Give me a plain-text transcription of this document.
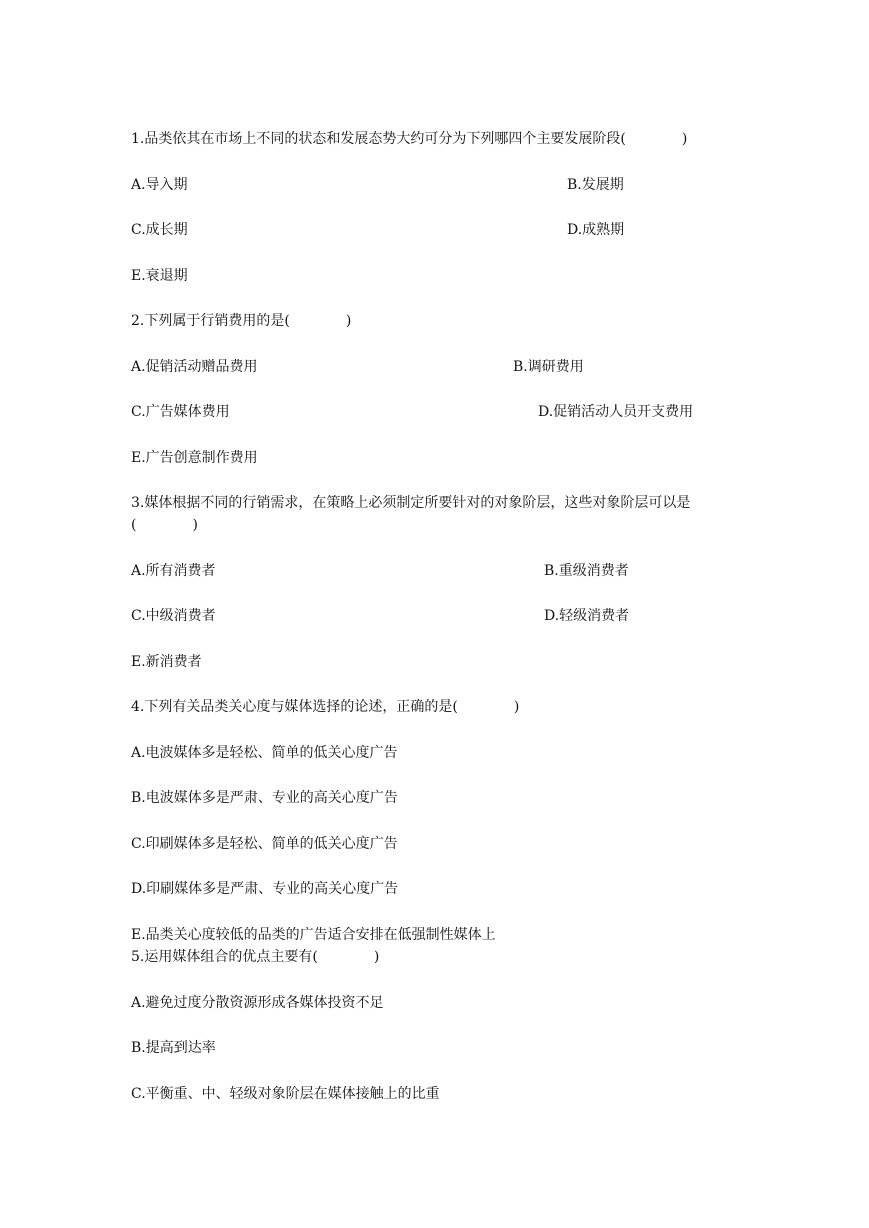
1.品类依其在市场上不同的状态和发展态势大约可分为下列哪四个主要发展阶段(　　　　)
A.导入期	B.发展期
C.成长期	D.成熟期
E.衰退期
2.下列属于行销费用的是(　　　　)
A.促销活动赠品费用	B.调研费用
C.广告媒体费用	D.促销活动人员开支费用
E.广告创意制作费用
3.媒体根据不同的行销需求，在策略上必须制定所要针对的对象阶层，这些对象阶层可以是
(　　　　)
A.所有消费者	B.重级消费者
C.中级消费者	D.轻级消费者
E.新消费者
4.下列有关品类关心度与媒体选择的论述，正确的是(　　　　)
A.电波媒体多是轻松、简单的低关心度广告
B.电波媒体多是严肃、专业的高关心度广告
C.印刷媒体多是轻松、简单的低关心度广告
D.印刷媒体多是严肃、专业的高关心度广告
E.品类关心度较低的品类的广告适合安排在低强制性媒体上
5.运用媒体组合的优点主要有(　　　　)
A.避免过度分散资源形成各媒体投资不足
B.提高到达率
C.平衡重、中、轻级对象阶层在媒体接触上的比重
